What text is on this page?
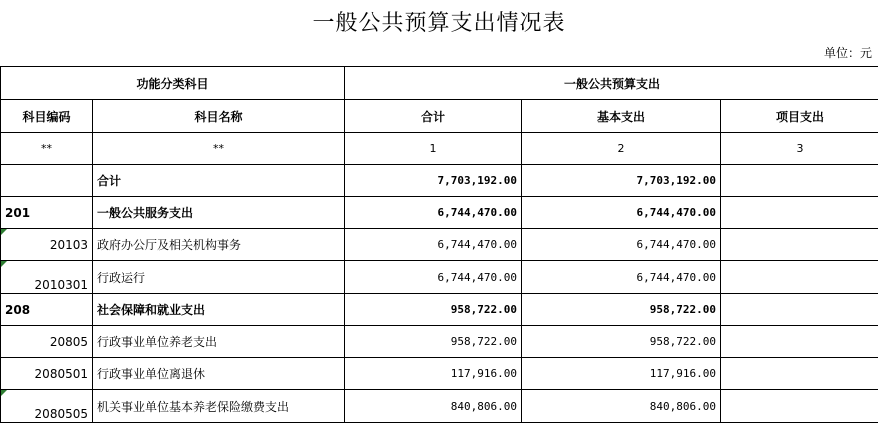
一般公共预算支出情况表
单位：元
功能分类科目		一般公共预算支出		
科目编码	科目名称	合计	基本支出	项目支出
**	**	1	2	3
	合计	7,703,192.00	7,703,192.00	
201	一般公共服务支出	6,744,470.00	6,744,470.00	

20103	政府办公厅及相关机构事务	6,744,470.00	6,744,470.00	

2010301	行政运行	6,744,470.00	6,744,470.00	
208	社会保障和就业支出	958,722.00	958,722.00	
20805	行政事业单位养老支出	958,722.00	958,722.00	
2080501	行政事业单位离退休	117,916.00	117,916.00	

2080505	机关事业单位基本养老保险缴费支出	840,806.00	840,806.00	
